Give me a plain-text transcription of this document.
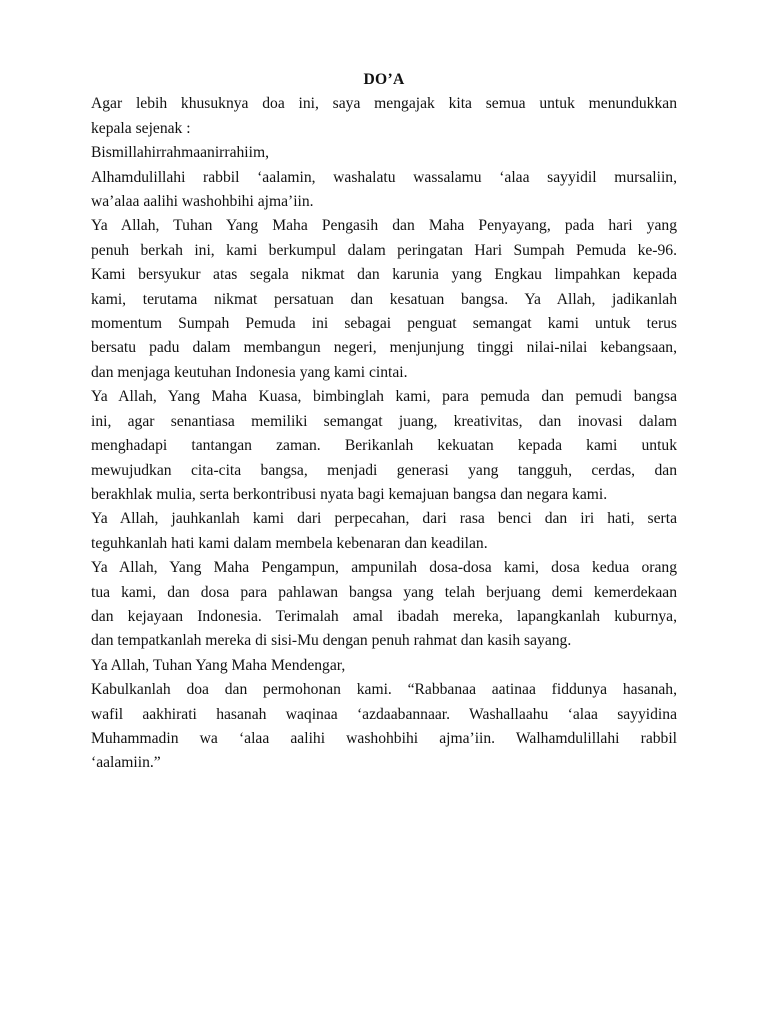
DO’A

Agar lebih khusuknya doa ini, saya mengajak kita semua untuk menundukkan
kepala sejenak :

Bismillahirrahmaanirrahiim,

Alhamdulillahi rabbil ‘aalamin, washalatu wassalamu ‘alaa sayyidil mursaliin,
wa’alaa aalihi washohbihi ajma’iin.

Ya Allah, Tuhan Yang Maha Pengasih dan Maha Penyayang, pada hari yang
penuh berkah ini, kami berkumpul dalam peringatan Hari Sumpah Pemuda ke-96.
Kami bersyukur atas segala nikmat dan karunia yang Engkau limpahkan kepada
kami, terutama nikmat persatuan dan kesatuan bangsa. Ya Allah, jadikanlah
momentum Sumpah Pemuda ini sebagai penguat semangat kami untuk terus
bersatu padu dalam membangun negeri, menjunjung tinggi nilai-nilai kebangsaan,
dan menjaga keutuhan Indonesia yang kami cintai.

Ya Allah, Yang Maha Kuasa, bimbinglah kami, para pemuda dan pemudi bangsa
ini, agar senantiasa memiliki semangat juang, kreativitas, dan inovasi dalam
menghadapi tantangan zaman. Berikanlah kekuatan kepada kami untuk
mewujudkan cita-cita bangsa, menjadi generasi yang tangguh, cerdas, dan
berakhlak mulia, serta berkontribusi nyata bagi kemajuan bangsa dan negara kami.

Ya Allah, jauhkanlah kami dari perpecahan, dari rasa benci dan iri hati, serta
teguhkanlah hati kami dalam membela kebenaran dan keadilan.

Ya Allah, Yang Maha Pengampun, ampunilah dosa-dosa kami, dosa kedua orang
tua kami, dan dosa para pahlawan bangsa yang telah berjuang demi kemerdekaan
dan kejayaan Indonesia. Terimalah amal ibadah mereka, lapangkanlah kuburnya,
dan tempatkanlah mereka di sisi-Mu dengan penuh rahmat dan kasih sayang.

Ya Allah, Tuhan Yang Maha Mendengar,

Kabulkanlah doa dan permohonan kami. “Rabbanaa aatinaa fiddunya hasanah,
wafil aakhirati hasanah waqinaa ‘azdaabannaar. Washallaahu ‘alaa sayyidina
Muhammadin wa ‘alaa aalihi washohbihi ajma’iin. Walhamdulillahi rabbil
‘aalamiin.”
